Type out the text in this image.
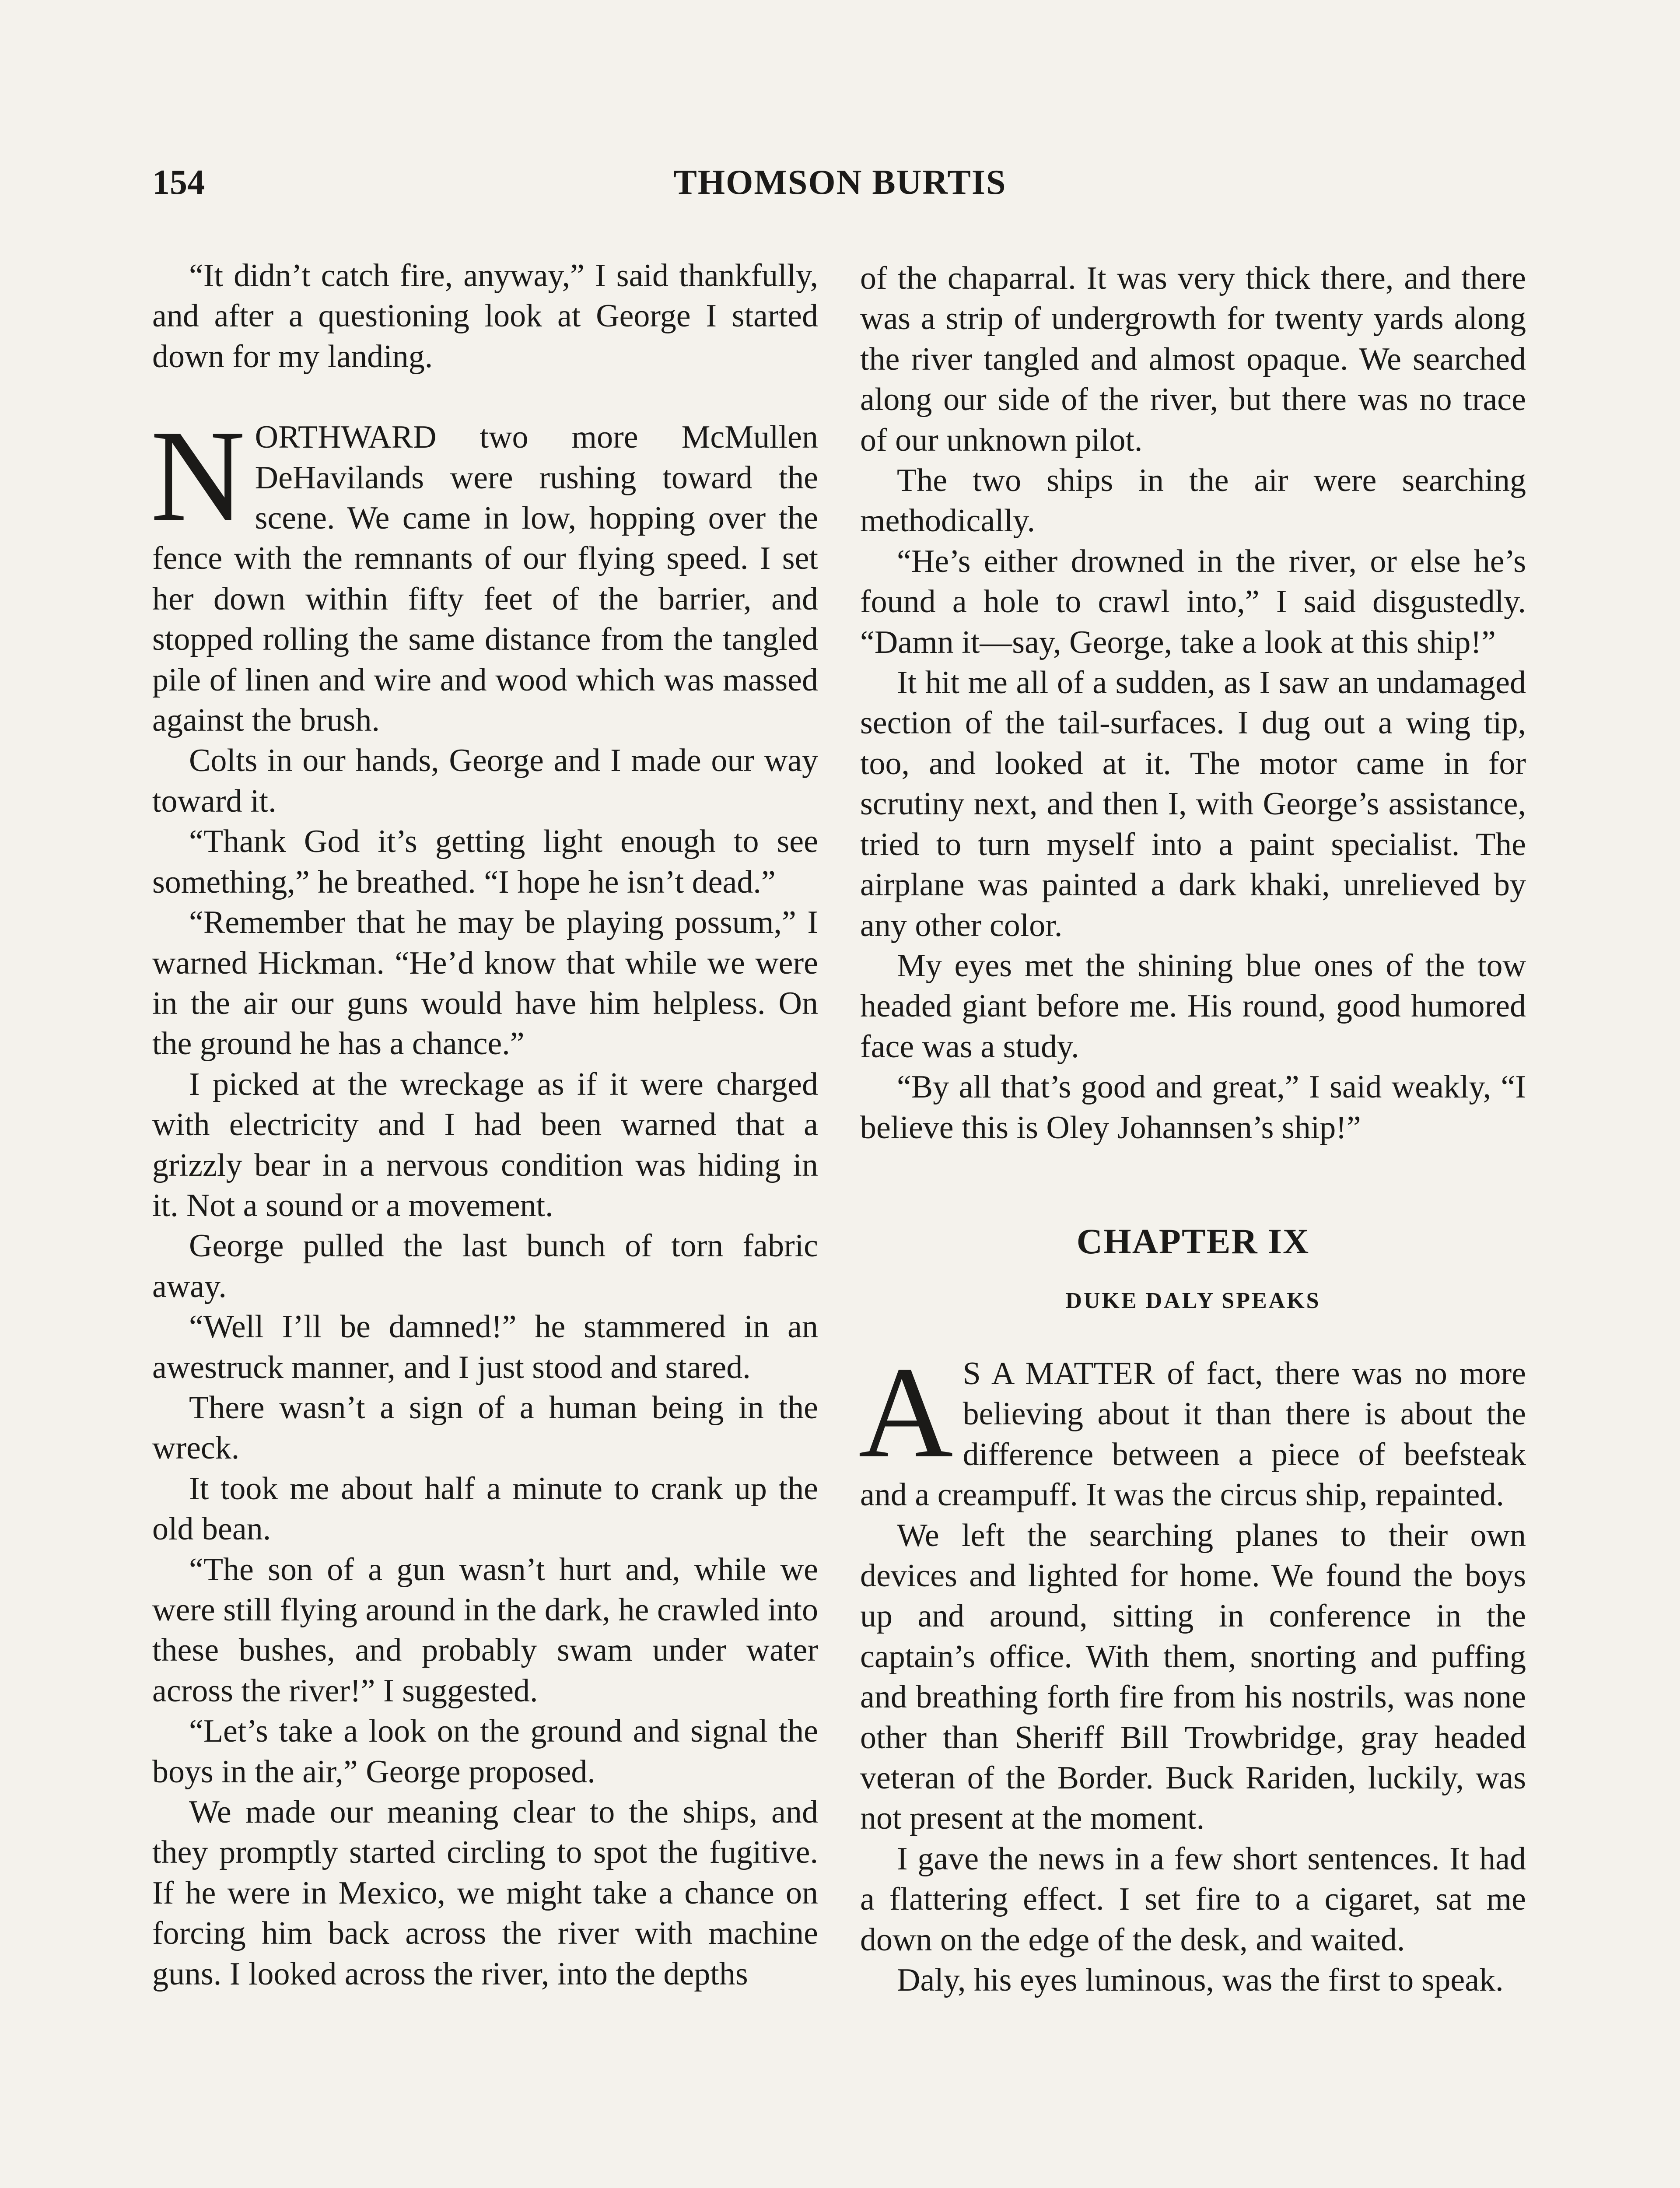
154	THOMSON BURTIS

“It didn’t catch fire, anyway,” I said thankfully, and after a questioning look at George I started down for my landing.

NORTHWARD two more McMullen DeHavilands were rushing toward the scene. We came in low, hopping over the fence with the remnants of our flying speed. I set her down within fifty feet of the barrier, and stopped rolling the same distance from the tangled pile of linen and wire and wood which was massed against the brush.

Colts in our hands, George and I made our way toward it.

“Thank God it’s getting light enough to see something,” he breathed. “I hope he isn’t dead.”

“Remember that he may be playing possum,” I warned Hickman. “He’d know that while we were in the air our guns would have him helpless. On the ground he has a chance.”

I picked at the wreckage as if it were charged with electricity and I had been warned that a grizzly bear in a nervous condition was hiding in it. Not a sound or a movement.

George pulled the last bunch of torn fabric away.

“Well I’ll be damned!” he stammered in an awestruck manner, and I just stood and stared.

There wasn’t a sign of a human being in the wreck.

It took me about half a minute to crank up the old bean.

“The son of a gun wasn’t hurt and, while we were still flying around in the dark, he crawled into these bushes, and probably swam under water across the river!” I suggested.

“Let’s take a look on the ground and signal the boys in the air,” George proposed.

We made our meaning clear to the ships, and they promptly started circling to spot the fugitive. If he were in Mexico, we might take a chance on forcing him back across the river with machine guns. I looked across the river, into the depths

of the chaparral. It was very thick there, and there was a strip of undergrowth for twenty yards along the river tangled and almost opaque. We searched along our side of the river, but there was no trace of our unknown pilot.

The two ships in the air were searching methodically.

“He’s either drowned in the river, or else he’s found a hole to crawl into,” I said disgustedly. “Damn it—say, George, take a look at this ship!”

It hit me all of a sudden, as I saw an undamaged section of the tail-surfaces. I dug out a wing tip, too, and looked at it. The motor came in for scrutiny next, and then I, with George’s assistance, tried to turn myself into a paint specialist. The airplane was painted a dark khaki, unrelieved by any other color.

My eyes met the shining blue ones of the tow headed giant before me. His round, good humored face was a study.

“By all that’s good and great,” I said weakly, “I believe this is Oley Johannsen’s ship!”

CHAPTER IX
DUKE DALY SPEAKS

AS A MATTER of fact, there was no more believing about it than there is about the difference between a piece of beefsteak and a creampuff. It was the circus ship, repainted.

We left the searching planes to their own devices and lighted for home. We found the boys up and around, sitting in conference in the captain’s office. With them, snorting and puffing and breathing forth fire from his nostrils, was none other than Sheriff Bill Trowbridge, gray headed veteran of the Border. Buck Rariden, luckily, was not present at the moment.

I gave the news in a few short sentences. It had a flattering effect. I set fire to a cigaret, sat me down on the edge of the desk, and waited.

Daly, his eyes luminous, was the first to speak.
